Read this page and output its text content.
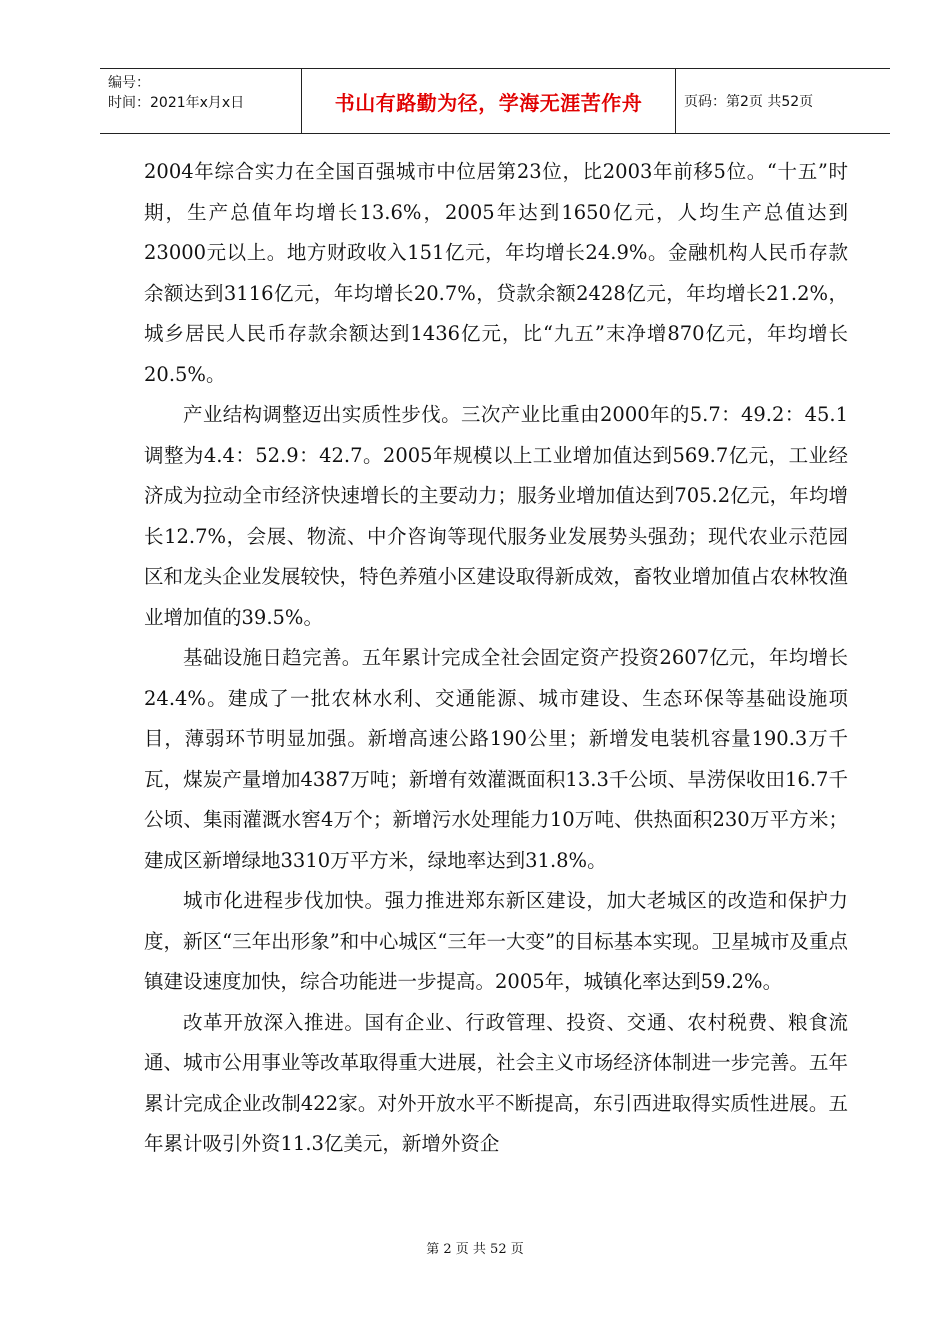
编号：
时间：2021年x月x日	书山有路勤为径，学海无涯苦作舟	页码：第2页 共52页

2004年综合实力在全国百强城市中位居第23位，比2003年前移5位。“十五”时期，生产总值年均增长13.6%，2005年达到1650亿元，人均生产总值达到23000元以上。地方财政收入151亿元，年均增长24.9%。金融机构人民币存款余额达到3116亿元，年均增长20.7%，贷款余额2428亿元，年均增长21.2%，城乡居民人民币存款余额达到1436亿元，比“九五”末净增870亿元，年均增长20.5%。

产业结构调整迈出实质性步伐。三次产业比重由2000年的5.7：49.2：45.1调整为4.4：52.9：42.7。2005年规模以上工业增加值达到569.7亿元，工业经济成为拉动全市经济快速增长的主要动力；服务业增加值达到705.2亿元，年均增长12.7%，会展、物流、中介咨询等现代服务业发展势头强劲；现代农业示范园区和龙头企业发展较快，特色养殖小区建设取得新成效，畜牧业增加值占农林牧渔业增加值的39.5%。

基础设施日趋完善。五年累计完成全社会固定资产投资2607亿元，年均增长24.4%。建成了一批农林水利、交通能源、城市建设、生态环保等基础设施项目，薄弱环节明显加强。新增高速公路190公里；新增发电装机容量190.3万千瓦，煤炭产量增加4387万吨；新增有效灌溉面积13.3千公顷、旱涝保收田16.7千公顷、集雨灌溉水窖4万个；新增污水处理能力10万吨、供热面积230万平方米；建成区新增绿地3310万平方米，绿地率达到31.8%。

城市化进程步伐加快。强力推进郑东新区建设，加大老城区的改造和保护力度，新区“三年出形象”和中心城区“三年一大变”的目标基本实现。卫星城市及重点镇建设速度加快，综合功能进一步提高。2005年，城镇化率达到59.2%。

改革开放深入推进。国有企业、行政管理、投资、交通、农村税费、粮食流通、城市公用事业等改革取得重大进展，社会主义市场经济体制进一步完善。五年累计完成企业改制422家。对外开放水平不断提高，东引西进取得实质性进展。五年累计吸引外资11.3亿美元，新增外资企

第 2 页 共 52 页
